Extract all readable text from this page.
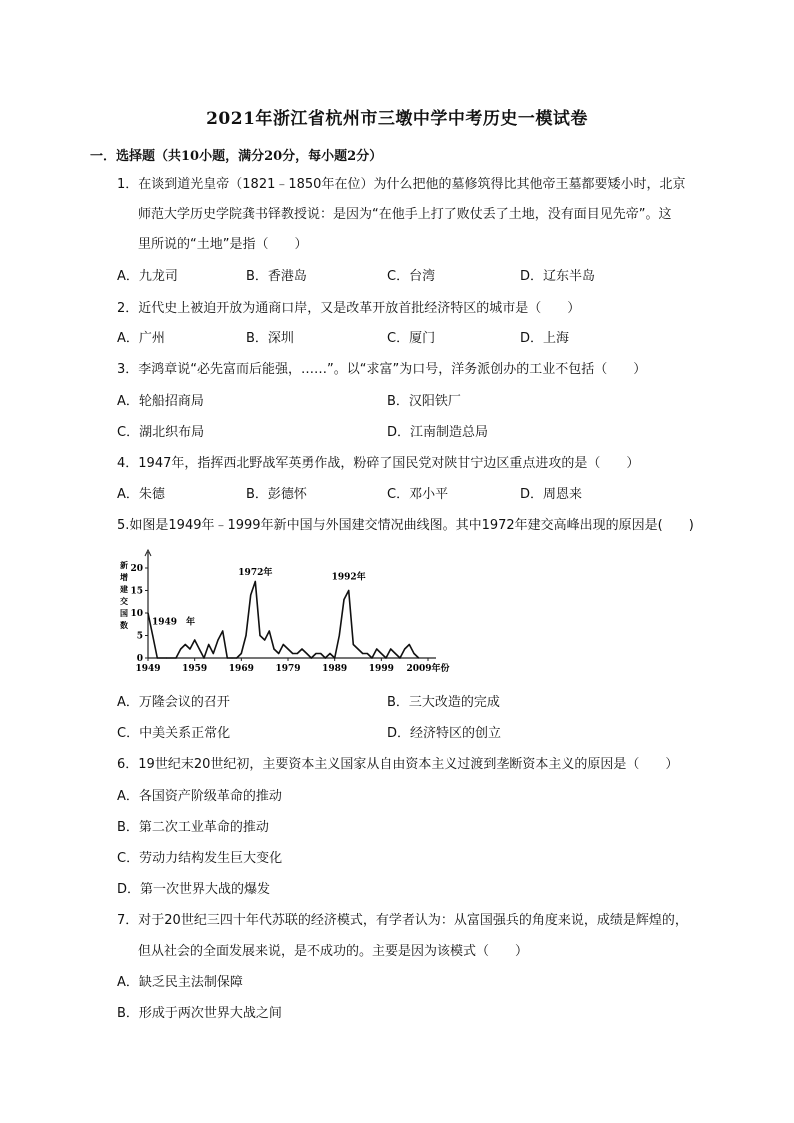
2021年浙江省杭州市三墩中学中考历史一模试卷
一．选择题（共10小题，满分20分，每小题2分）
1．在谈到道光皇帝（1821﹣1850年在位）为什么把他的墓修筑得比其他帝王墓都要矮小时，北京
师范大学历史学院龚书铎教授说：是因为“在他手上打了败仗丢了土地，没有面目见先帝”。这
里所说的“土地”是指（　　）
A．九龙司	B．香港岛	C．台湾	D．辽东半岛
2．近代史上被迫开放为通商口岸，又是改革开放首批经济特区的城市是（　　）
A．广州	B．深圳	C．厦门	D．上海
3．李鸿章说“必先富而后能强，……”。以“求富”为口号，洋务派创办的工业不包括（　　）
A．轮船招商局	B．汉阳铁厂
C．湖北织布局	D．江南制造总局
4．1947年，指挥西北野战军英勇作战，粉碎了国民党对陕甘宁边区重点进攻的是（　　）
A．朱德	B．彭德怀	C．邓小平	D．周恩来
5.如图是1949年﹣1999年新中国与外国建交情况曲线图。其中1972年建交高峰出现的原因是(　　)
新增建交国数
20
15
10
5
0
1949 1959 1969 1979 1989 1999 2009年份
1949　年
1972年	1992年
A．万隆会议的召开	B．三大改造的完成
C．中美关系正常化	D．经济特区的创立
6．19世纪末20世纪初，主要资本主义国家从自由资本主义过渡到垄断资本主义的原因是（　　）
A．各国资产阶级革命的推动
B．第二次工业革命的推动
C．劳动力结构发生巨大变化
D．第一次世界大战的爆发
7．对于20世纪三四十年代苏联的经济模式，有学者认为：从富国强兵的角度来说，成绩是辉煌的，
但从社会的全面发展来说，是不成功的。主要是因为该模式（　　）
A．缺乏民主法制保障
B．形成于两次世界大战之间
